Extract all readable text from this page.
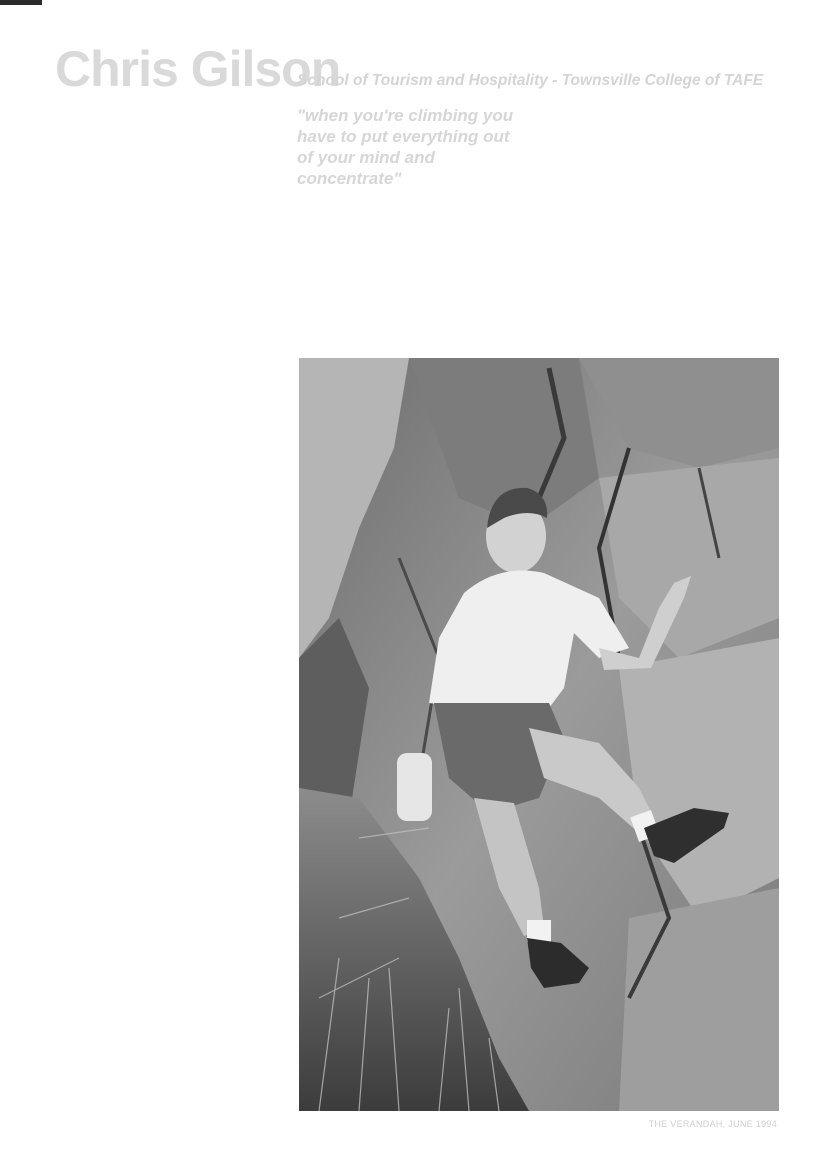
Chris Gilson
School of Tourism and Hospitality - Townsville College of TAFE
"when you're climbing you have to put everything out of your mind and concentrate"
THE VERANDAH, JUNE 1994
